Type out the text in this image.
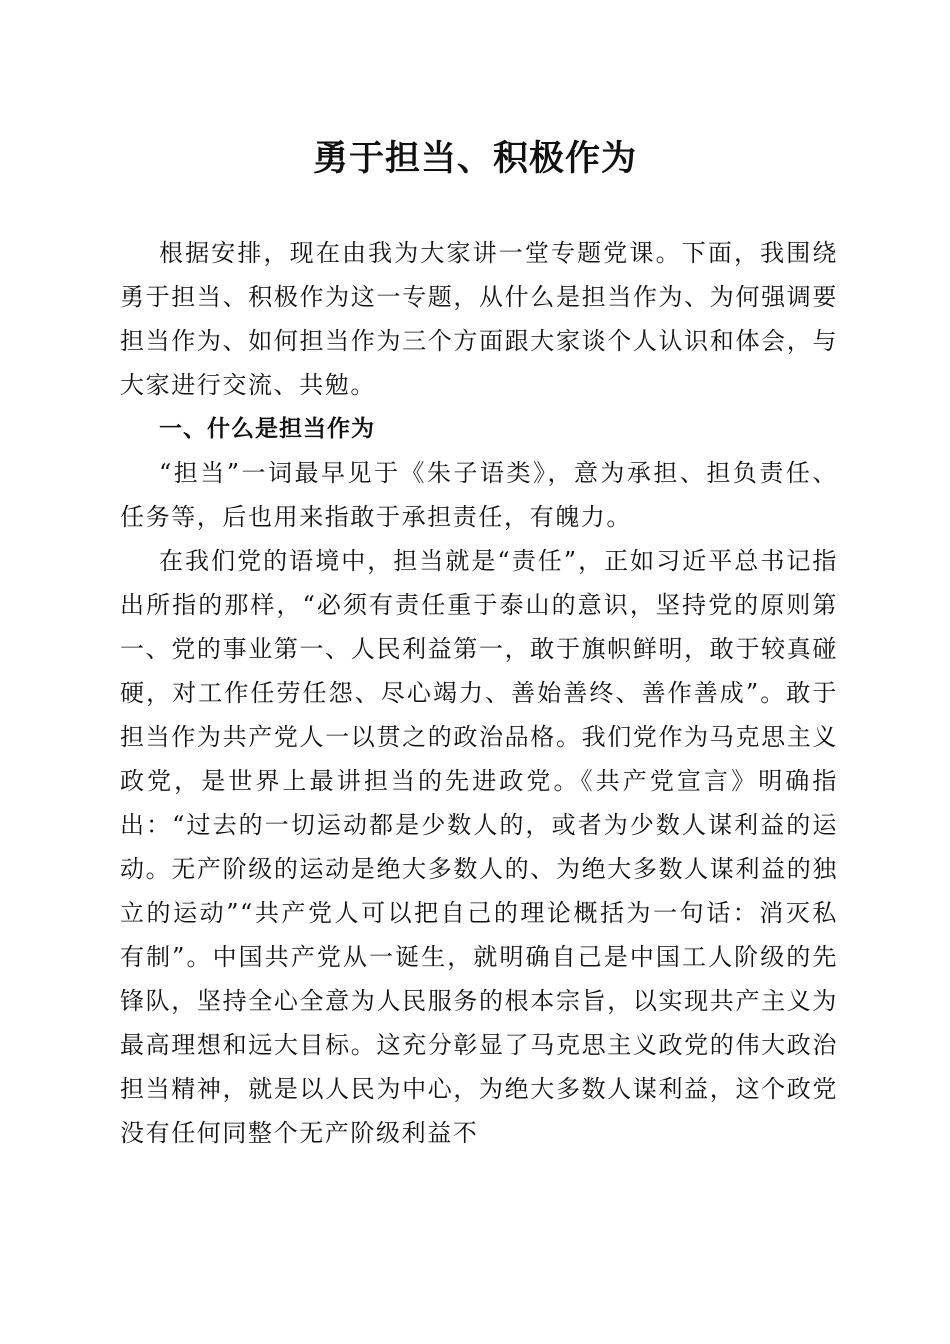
勇于担当、积极作为

根据安排，现在由我为大家讲一堂专题党课。下面，我围绕勇于担当、积极作为这一专题，从什么是担当作为、为何强调要担当作为、如何担当作为三个方面跟大家谈个人认识和体会，与大家进行交流、共勉。

一、什么是担当作为

“担当”一词最早见于《朱子语类》，意为承担、担负责任、任务等，后也用来指敢于承担责任，有魄力。

在我们党的语境中，担当就是“责任”，正如习近平总书记指出所指的那样，“必须有责任重于泰山的意识，坚持党的原则第一、党的事业第一、人民利益第一，敢于旗帜鲜明，敢于较真碰硬，对工作任劳任怨、尽心竭力、善始善终、善作善成”。敢于担当作为共产党人一以贯之的政治品格。我们党作为马克思主义政党，是世界上最讲担当的先进政党。《共产党宣言》明确指出：“过去的一切运动都是少数人的，或者为少数人谋利益的运动。无产阶级的运动是绝大多数人的、为绝大多数人谋利益的独立的运动”“共产党人可以把自己的理论概括为一句话：消灭私有制”。中国共产党从一诞生，就明确自己是中国工人阶级的先锋队，坚持全心全意为人民服务的根本宗旨，以实现共产主义为最高理想和远大目标。这充分彰显了马克思主义政党的伟大政治担当精神，就是以人民为中心，为绝大多数人谋利益，这个政党没有任何同整个无产阶级利益不
